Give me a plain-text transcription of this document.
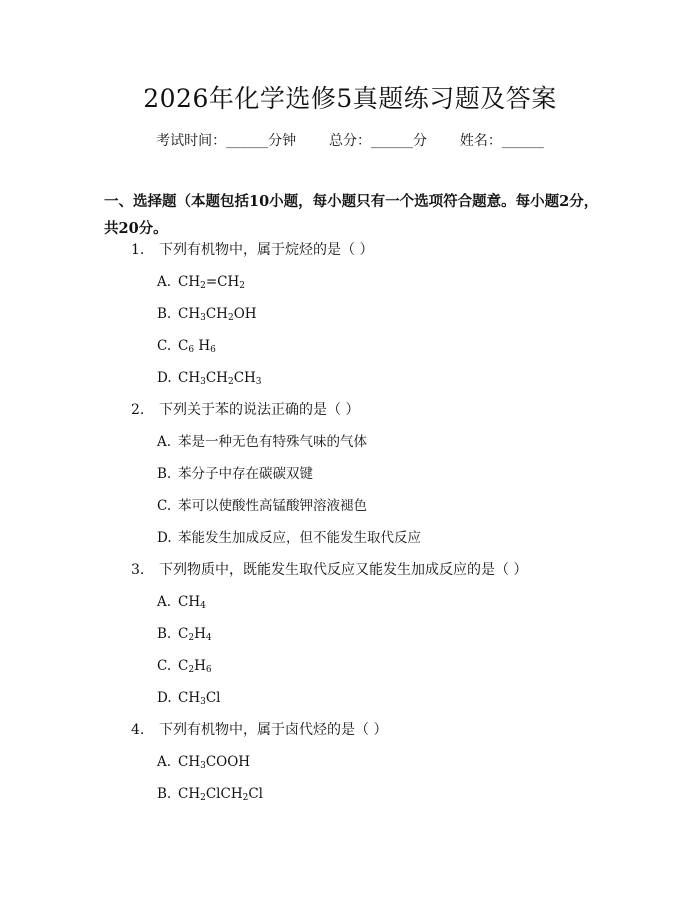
2026年化学选修5真题练习题及答案
考试时间：______分钟 总分：______分 姓名：______
一、选择题（本题包括10小题，每小题只有一个选项符合题意。每小题2分，共20分。
1. 下列有机物中，属于烷烃的是（ ）
A. $CH_2=CH_2$
B. $CH_3CH_2OH$
C. $C_6$ $H_6$
D. $CH_3CH_2CH_3$
2. 下列关于苯的说法正确的是（ ）
A. 苯是一种无色有特殊气味的气体
B. 苯分子中存在碳碳双键
C. 苯可以使酸性高锰酸钾溶液褪色
D. 苯能发生加成反应，但不能发生取代反应
3. 下列物质中，既能发生取代反应又能发生加成反应的是（ ）
A. $CH_4$
B. $C_2H_4$
C. $C_2H_6$
D. $CH_3Cl$
4. 下列有机物中，属于卤代烃的是（ ）
A. $CH_3COOH$
B. $CH_2ClCH_2Cl$
